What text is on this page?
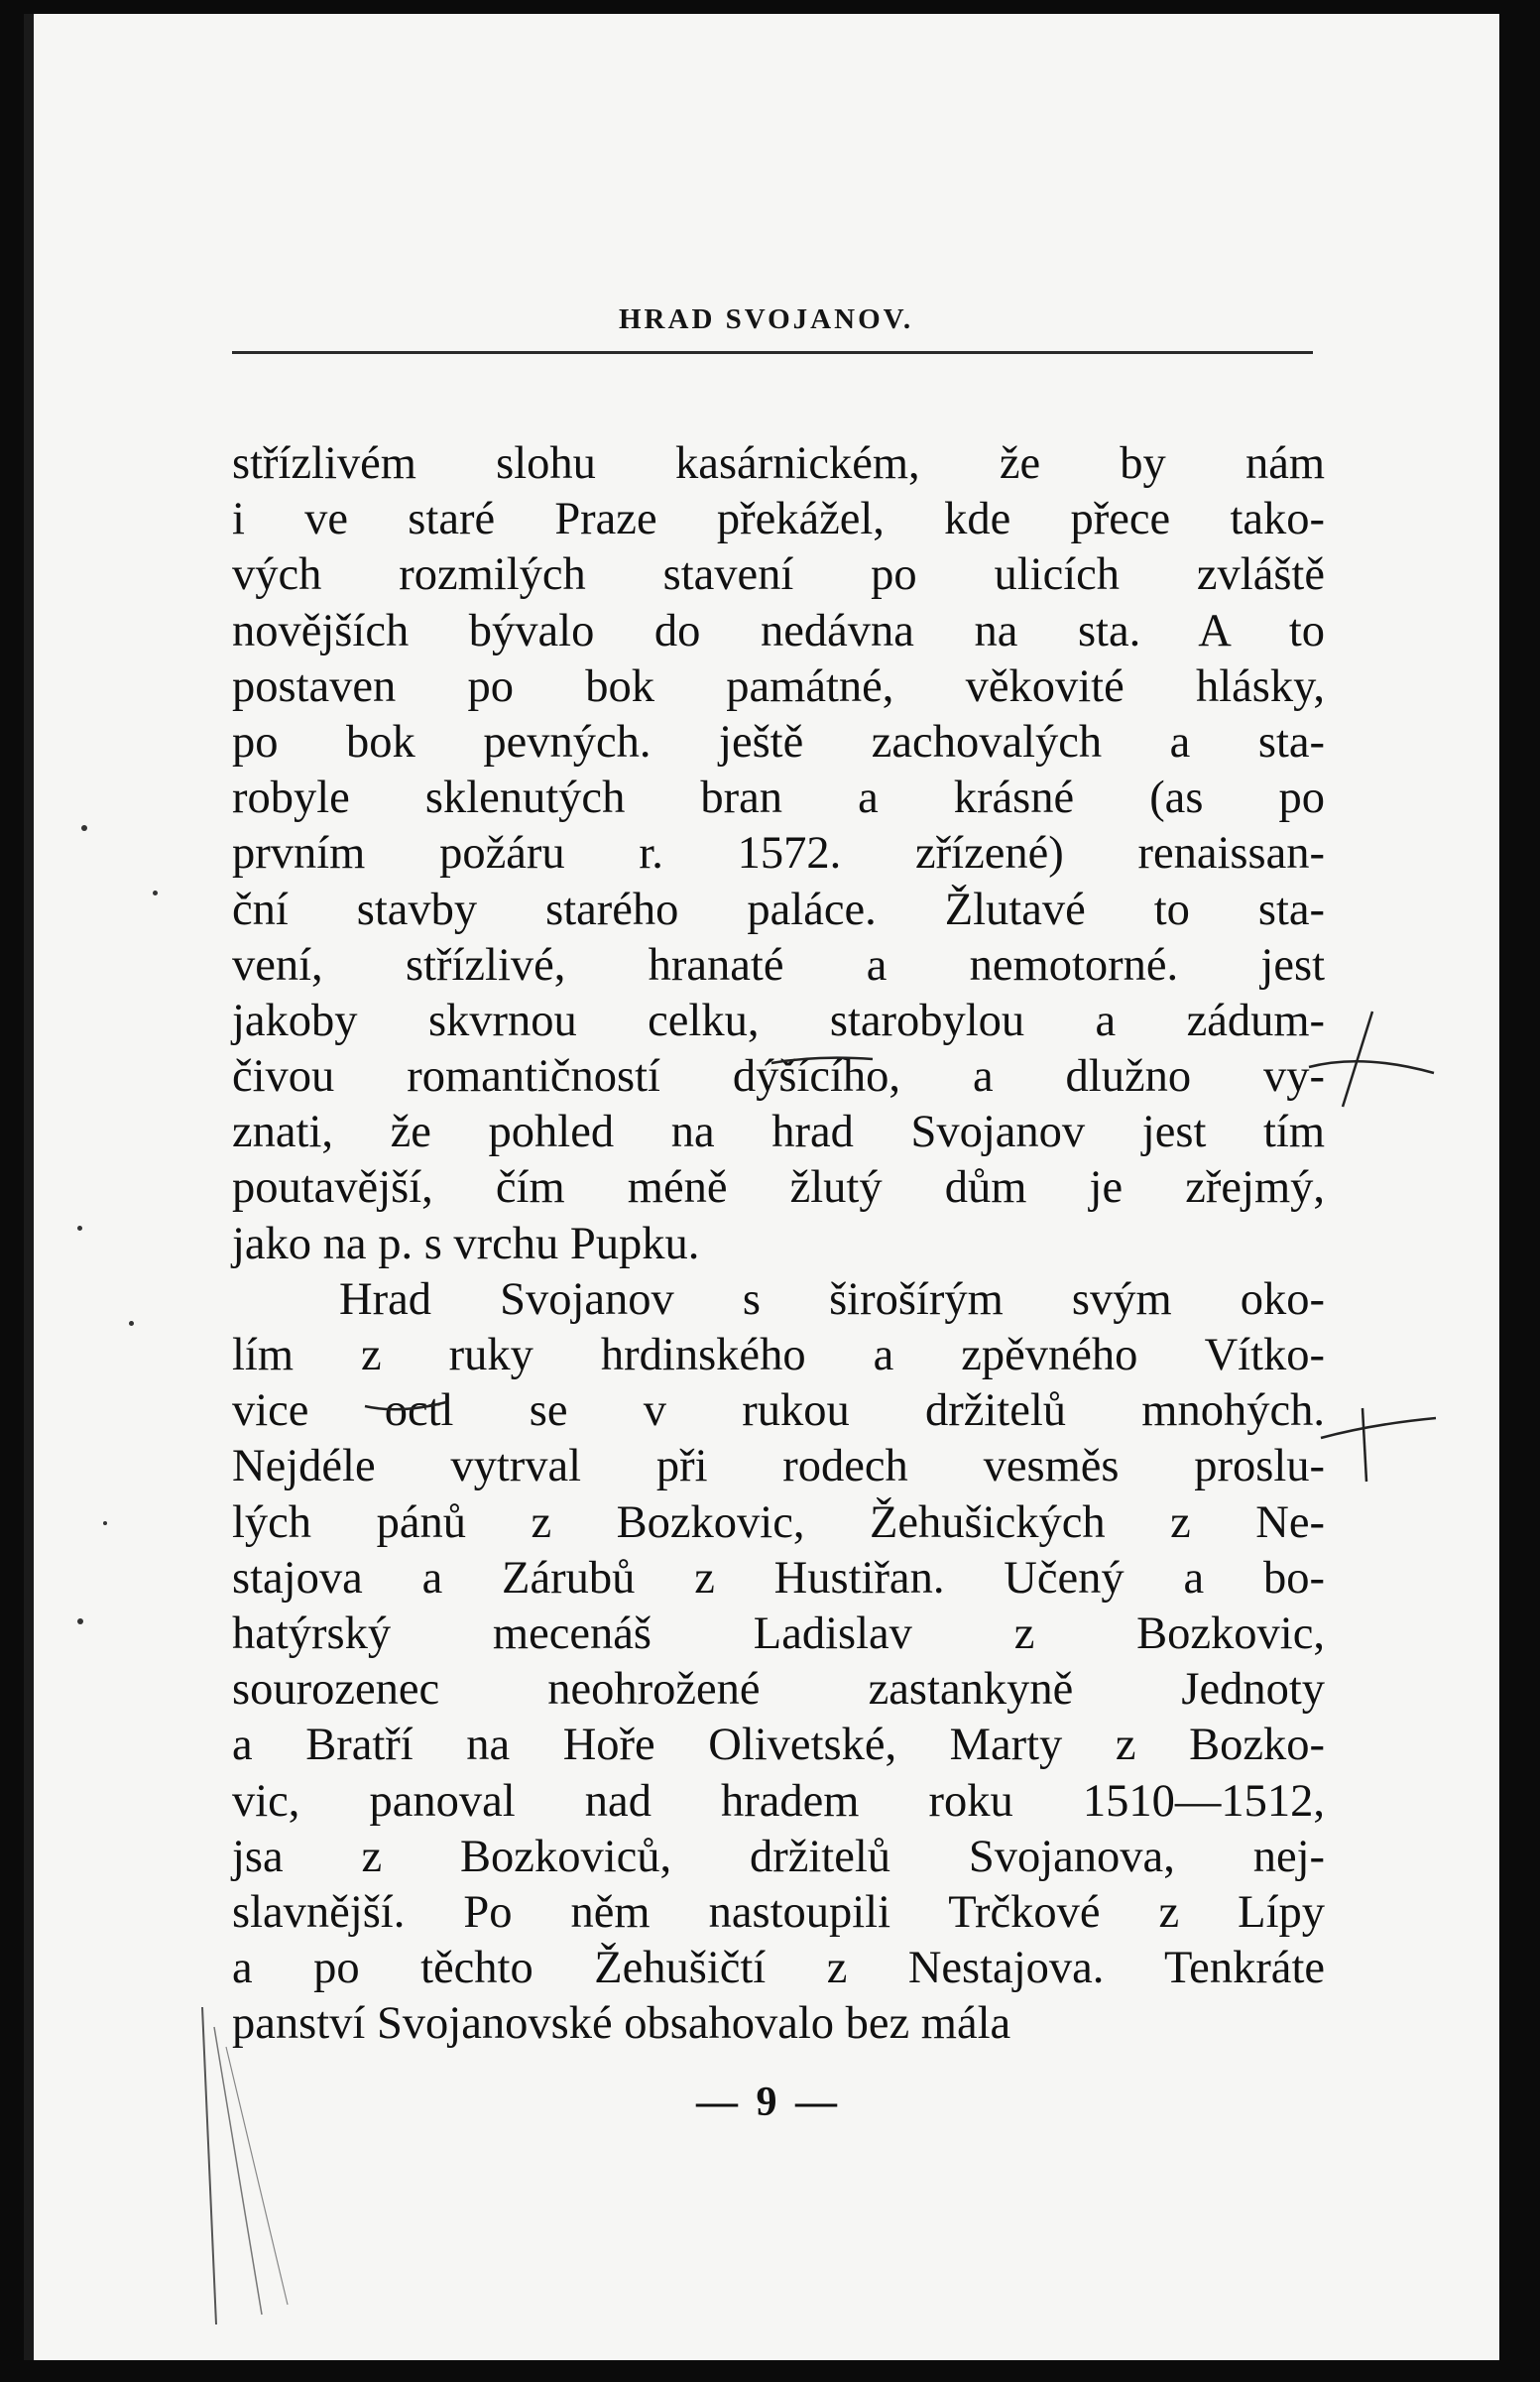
HRAD SVOJANOV.
střízlivém slohu kasárnickém, že by nám
i ve staré Praze překážel, kde přece tako-
vých rozmilých stavení po ulicích zvláště
novějších bývalo do nedávna na sta. A to
postaven po bok památné, věkovité hlásky,
po bok pevných. ještě zachovalých a sta-
robyle sklenutých bran a krásné (as po
prvním požáru r. 1572. zřízené) renaissan-
ční stavby starého paláce. Žlutavé to sta-
vení, střízlivé, hranaté a nemotorné. jest
jakoby skvrnou celku, starobylou a zádum-
čivou romantičností dýšícího, a dlužno vy-
znati, že pohled na hrad Svojanov jest tím
poutavější, čím méně žlutý dům je zřejmý,
jako na p. s vrchu Pupku.
Hrad Svojanov s širošírým svým oko-
lím z ruky hrdinského a zpěvného Vítko-
vice octl se v rukou držitelů mnohých.
Nejdéle vytrval při rodech vesměs proslu-
lých pánů z Bozkovic, Žehušických z Ne-
stajova a Zárubů z Hustiřan. Učený a bo-
hatýrský mecenáš Ladislav z Bozkovic,
sourozenec neohrožené zastankyně Jednoty
a Bratří na Hoře Olivetské, Marty z Bozko-
vic, panoval nad hradem roku 1510—1512,
jsa z Bozkoviců, držitelů Svojanova, nej-
slavnější. Po něm nastoupili Trčkové z Lípy
a po těchto Žehušičtí z Nestajova. Tenkráte
panství Svojanovské obsahovalo bez mála
— 9 —
